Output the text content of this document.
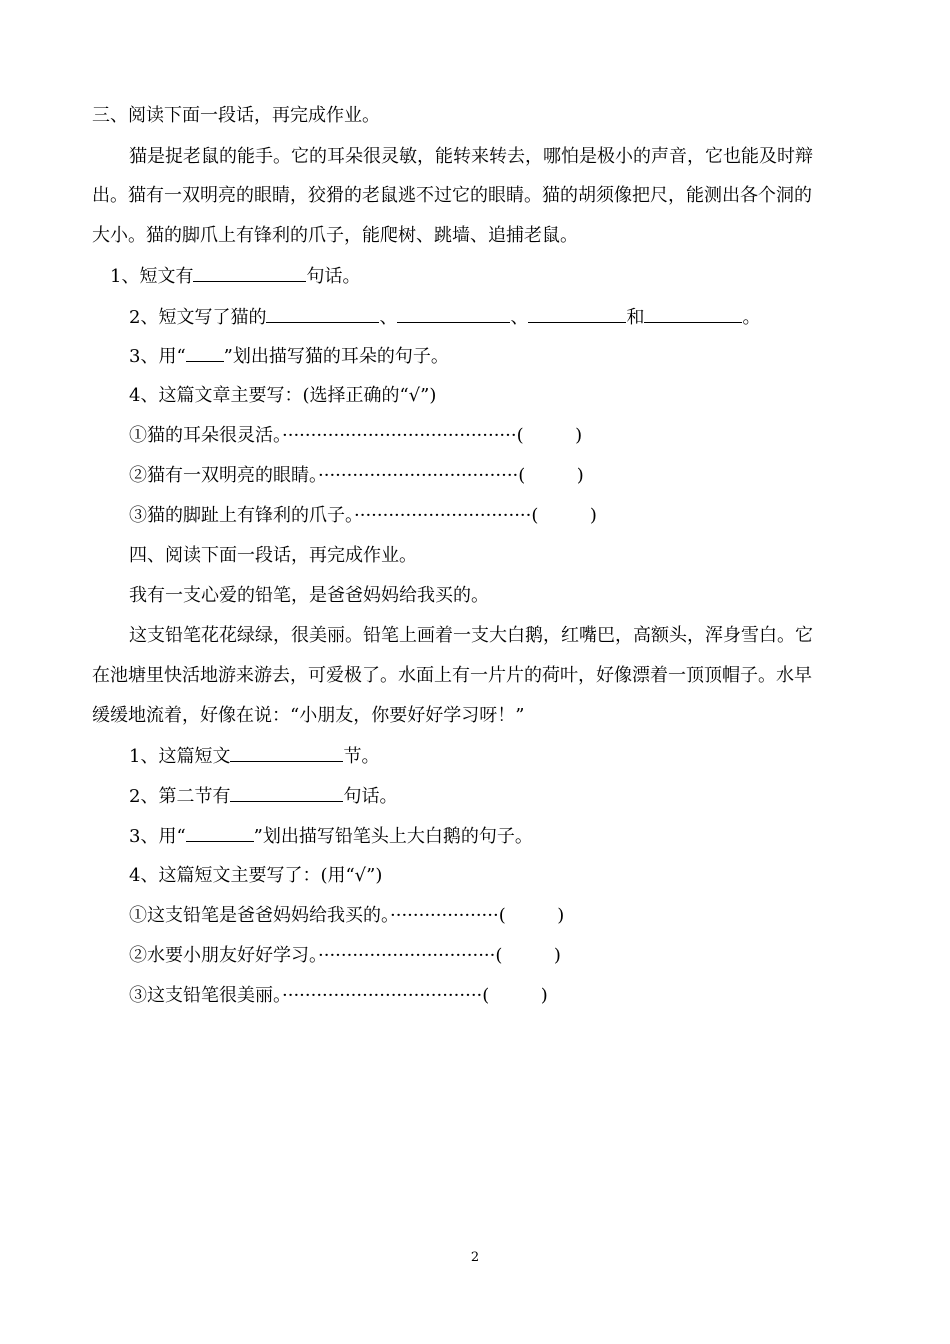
三、阅读下面一段话，再完成作业。
猫是捉老鼠的能手。它的耳朵很灵敏，能转来转去，哪怕是极小的声音，它也能及时辩
出。猫有一双明亮的眼睛，狡猾的老鼠逃不过它的眼睛。猫的胡须像把尺，能测出各个洞的
大小。猫的脚爪上有锋利的爪子，能爬树、跳墙、追捕老鼠。
1、短文有	句话。
2、短文写了猫的	、	、	和	。
3、用“ ”划出描写猫的耳朵的句子。
4、这篇文章主要写：(选择正确的“√”)
①猫的耳朵很灵活。·········································(         )
②猫有一双明亮的眼睛。···································(         )
③猫的脚趾上有锋利的爪子。·······························(         )
四、阅读下面一段话，再完成作业。
我有一支心爱的铅笔，是爸爸妈妈给我买的。
这支铅笔花花绿绿，很美丽。铅笔上画着一支大白鹅，红嘴巴，高额头，浑身雪白。它
在池塘里快活地游来游去，可爱极了。水面上有一片片的荷叶，好像漂着一顶顶帽子。水早
缓缓地流着，好像在说：“小朋友，你要好好学习呀！”
1、这篇短文	节。
2、第二节有	句话。
3、用“	”划出描写铅笔头上大白鹅的句子。
4、这篇短文主要写了：(用“√”)
①这支铅笔是爸爸妈妈给我买的。···················(         )
②水要小朋友好好学习。·······························(         )
③这支铅笔很美丽。···································(         )
2
